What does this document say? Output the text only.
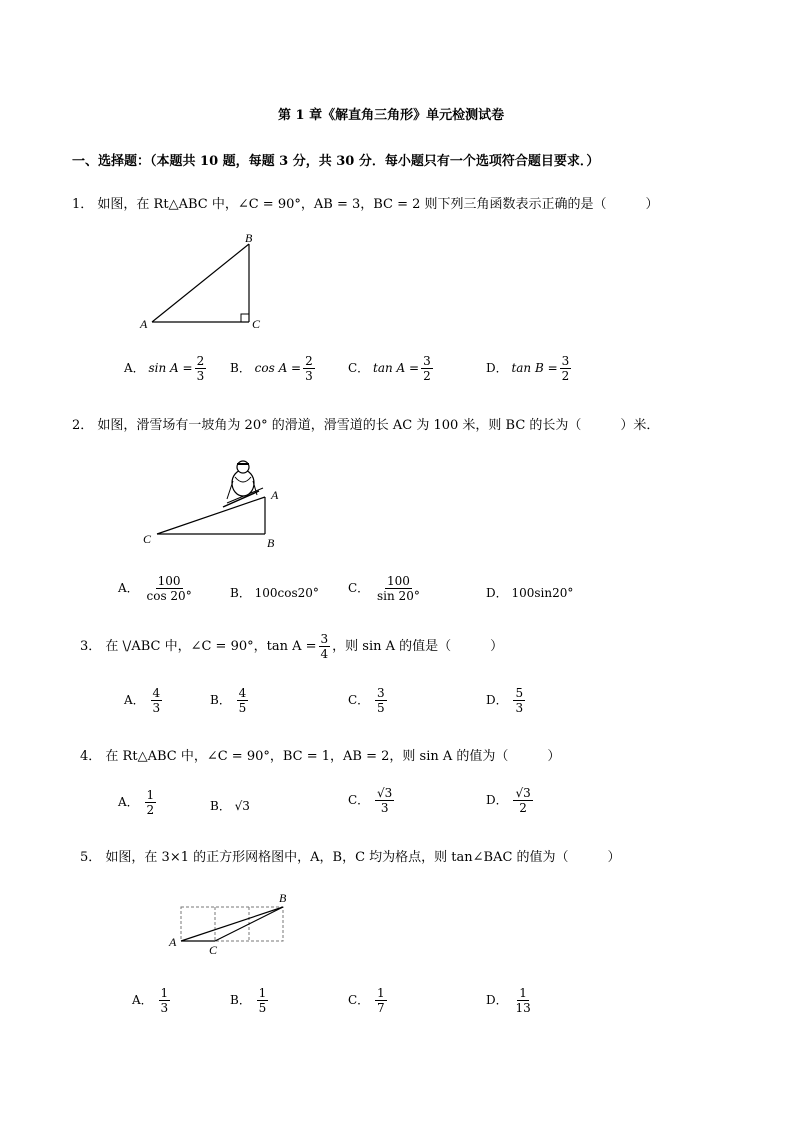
第 1 章《解直角三角形》单元检测试卷
一、选择题：（本题共 10 题，每题 3 分，共 30 分．每小题只有一个选项符合题目要求．）
1． 如图，在 Rt△ABC 中，∠C = 90°，AB = 3，BC = 2 则下列三角函数表示正确的是（　　　）
A
B
C
A． $\sin A = \frac{2}{3}$ B． $\cos A = \frac{2}{3}$	C． $\tan A = \frac{3}{2}$	D． $\tan B = \frac{3}{2}$
2． 如图，滑雪场有一坡角为 20° 的滑道，滑雪道的长 AC 为 100 米，则 BC 的长为（　　　）米．
A
B
C
A． $\frac{100}{\cos 20^\circ}$	B． 100cos20° C． $\frac{100}{\sin 20^\circ}$	D． 100sin20°
3． 在 \/ABC 中，∠C = 90°，$\tan A = \frac{3}{4}$ ，则 sin A 的值是（　　　）
A． $\frac{4}{3}$	B． $\frac{4}{5}$	C． $\frac{3}{5}$	D． $\frac{5}{3}$
4． 在 Rt△ABC 中，∠C = 90°，BC = 1，AB = 2，则 sin A 的值为（　　　）
A． $\frac{1}{2}$	B． √3	C． $\frac{√3}{3}$	D． $\frac{√3}{2}$
5． 如图，在 3×1 的正方形网格图中，A，B，C 均为格点，则 tan∠BAC 的值为（　　　）
A
B
C
A． $\frac{1}{3}$	B． $\frac{1}{5}$	C． $\frac{1}{7}$	D． $\frac{1}{13}$
